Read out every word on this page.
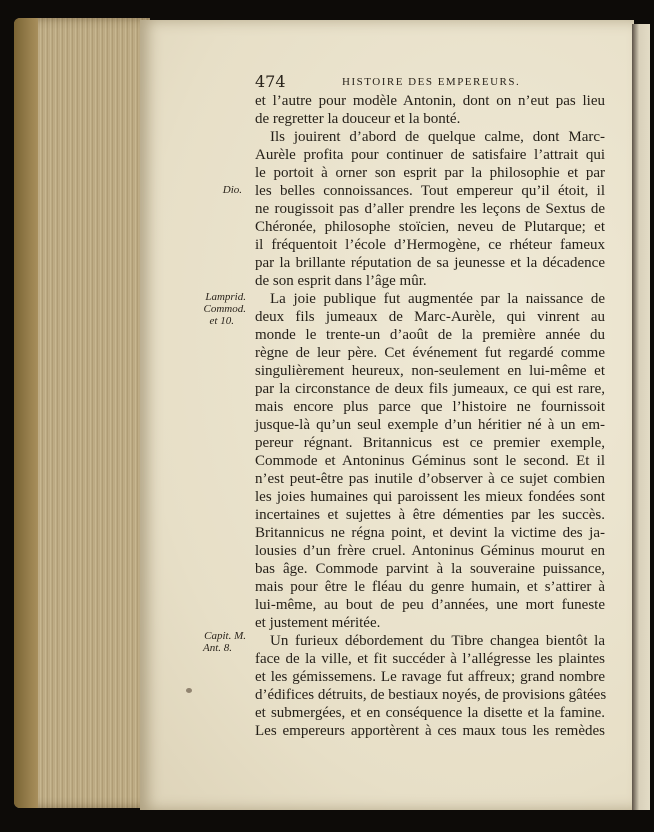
474	HISTOIRE DES EMPEREURS.
Dio.
Lamprid.
Commod.
et 10.
Capit. M.
Ant. 8.
et l’autre pour modèle Antonin, dont on n’eut pas lieu
de regretter la douceur et la bonté.
Ils jouirent d’abord de quelque calme, dont Marc-
Aurèle profita pour continuer de satisfaire l’attrait qui
le portoit à orner son esprit par la philosophie et par
les belles connoissances. Tout empereur qu’il étoit, il
ne rougissoit pas d’aller prendre les leçons de Sextus de
Chéronée, philosophe stoïcien, neveu de Plutarque; et
il fréquentoit l’école d’Hermogène, ce rhéteur fameux
par la brillante réputation de sa jeunesse et la décadence
de son esprit dans l’âge mûr.
La joie publique fut augmentée par la naissance de
deux fils jumeaux de Marc-Aurèle, qui vinrent au
monde le trente-un d’août de la première année du
règne de leur père. Cet événement fut regardé comme
singulièrement heureux, non-seulement en lui-même et
par la circonstance de deux fils jumeaux, ce qui est rare,
mais encore plus parce que l’histoire ne fournissoit
jusque-là qu’un seul exemple d’un héritier né à un em-
pereur régnant. Britannicus est ce premier exemple,
Commode et Antoninus Géminus sont le second. Et il
n’est peut-être pas inutile d’observer à ce sujet combien
les joies humaines qui paroissent les mieux fondées sont
incertaines et sujettes à être démenties par les succès.
Britannicus ne régna point, et devint la victime des ja-
lousies d’un frère cruel. Antoninus Géminus mourut en
bas âge. Commode parvint à la souveraine puissance,
mais pour être le fléau du genre humain, et s’attirer à
lui-même, au bout de peu d’années, une mort funeste
et justement méritée.
Un furieux débordement du Tibre changea bientôt la
face de la ville, et fit succéder à l’allégresse les plaintes
et les gémissemens. Le ravage fut affreux; grand nombre
d’édifices détruits, de bestiaux noyés, de provisions gâtées
et submergées, et en conséquence la disette et la famine.
Les empereurs apportèrent à ces maux tous les remèdes
